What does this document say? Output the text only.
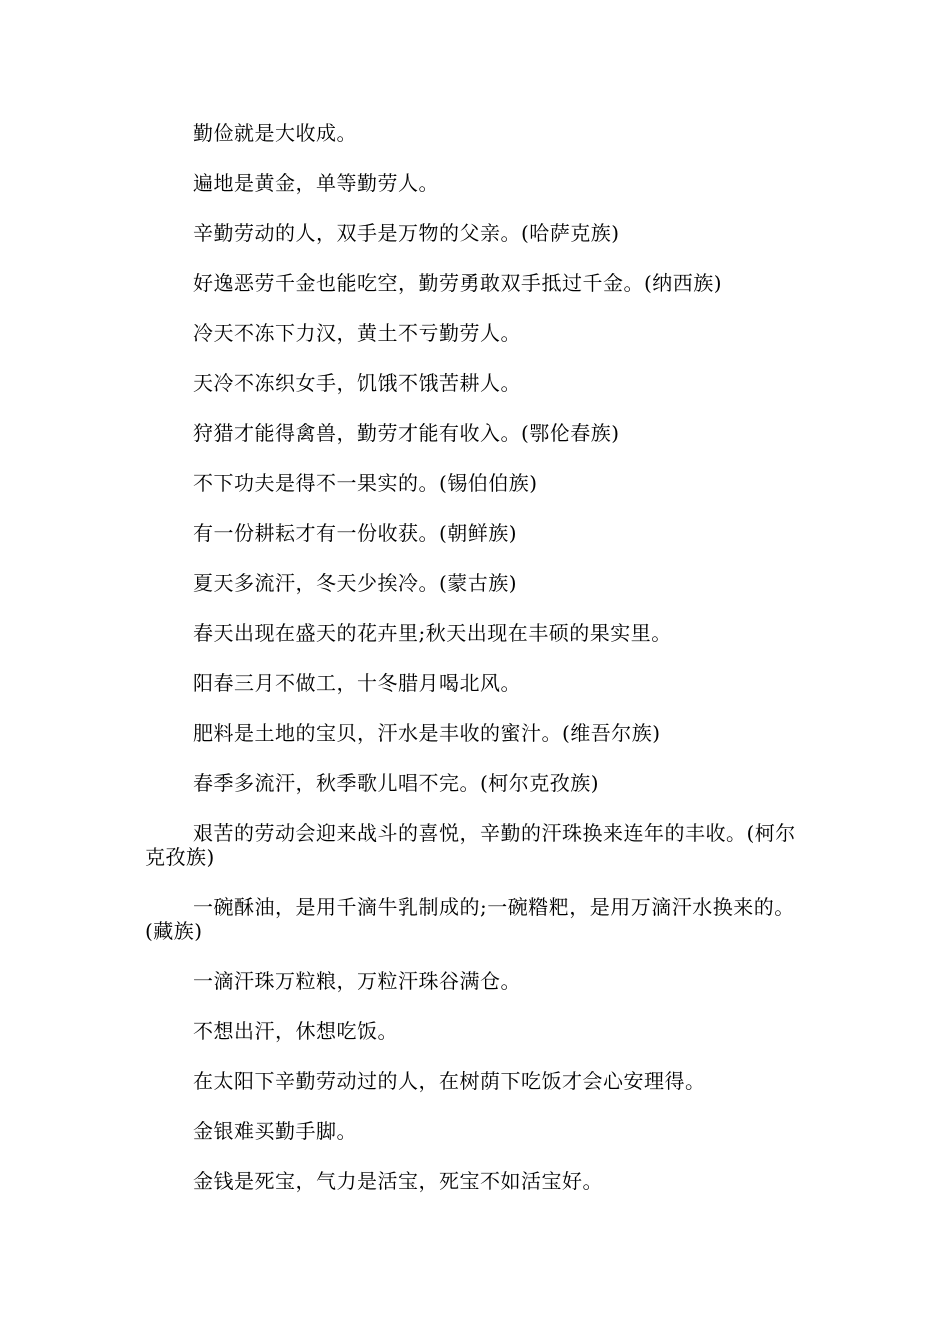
勤俭就是大收成。

遍地是黄金，单等勤劳人。

辛勤劳动的人，双手是万物的父亲。(哈萨克族)

好逸恶劳千金也能吃空，勤劳勇敢双手抵过千金。(纳西族)

冷天不冻下力汉，黄土不亏勤劳人。

天冷不冻织女手，饥饿不饿苦耕人。

狩猎才能得禽兽，勤劳才能有收入。(鄂伦春族)

不下功夫是得不一果实的。(锡伯伯族)

有一份耕耘才有一份收获。(朝鲜族)

夏天多流汗，冬天少挨冷。(蒙古族)

春天出现在盛天的花卉里;秋天出现在丰硕的果实里。

阳春三月不做工，十冬腊月喝北风。

肥料是土地的宝贝，汗水是丰收的蜜汁。(维吾尔族)

春季多流汗，秋季歌儿唱不完。(柯尔克孜族)

艰苦的劳动会迎来战斗的喜悦，辛勤的汗珠换来连年的丰收。(柯尔克孜族)

一碗酥油，是用千滴牛乳制成的;一碗糌粑，是用万滴汗水换来的。(藏族)

一滴汗珠万粒粮，万粒汗珠谷满仓。

不想出汗，休想吃饭。

在太阳下辛勤劳动过的人，在树荫下吃饭才会心安理得。

金银难买勤手脚。

金钱是死宝，气力是活宝，死宝不如活宝好。
